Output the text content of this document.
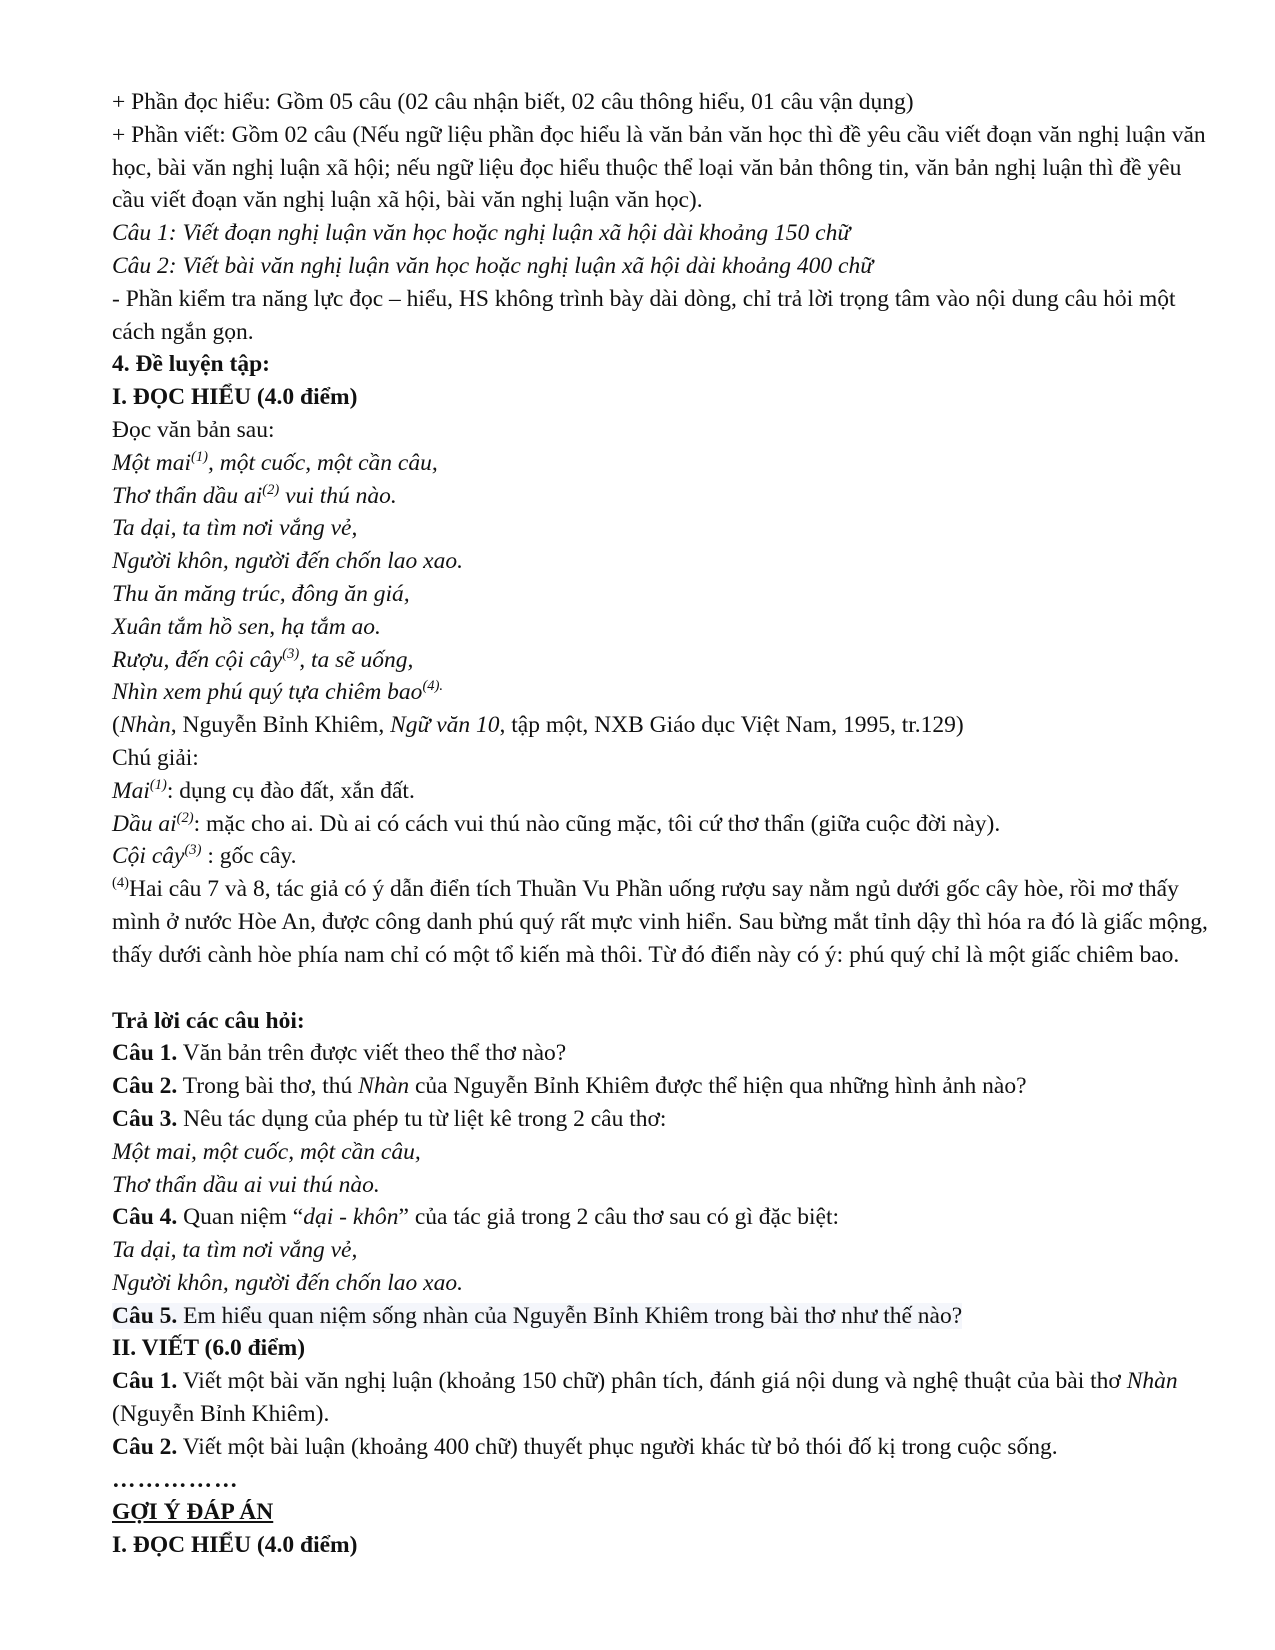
+ Phần đọc hiểu: Gồm 05 câu (02 câu nhận biết, 02 câu thông hiểu, 01 câu vận dụng)
+ Phần viết: Gồm 02 câu (Nếu ngữ liệu phần đọc hiểu là văn bản văn học thì đề yêu cầu viết đoạn văn nghị luận văn học, bài văn nghị luận xã hội; nếu ngữ liệu đọc hiểu thuộc thể loại văn bản thông tin, văn bản nghị luận thì đề yêu cầu viết đoạn văn nghị luận xã hội, bài văn nghị luận văn học).
Câu 1: Viết đoạn nghị luận văn học hoặc nghị luận xã hội dài khoảng 150 chữ
Câu 2: Viết bài văn nghị luận văn học hoặc nghị luận xã hội dài khoảng 400 chữ
- Phần kiểm tra năng lực đọc – hiểu, HS không trình bày dài dòng, chỉ trả lời trọng tâm vào nội dung câu hỏi một cách ngắn gọn.
4. Đề luyện tập:
I. ĐỌC HIỂU (4.0 điểm)
Đọc văn bản sau:
Một mai$^{(1)}$, một cuốc, một cần câu,
Thơ thẩn dầu $ai^{(2)}$ vui thú nào.
Ta dại, ta tìm nơi vắng vẻ,
Người khôn, người đến chốn lao xao.
Thu ăn măng trúc, đông ăn giá,
Xuân tắm hồ sen, hạ tắm ao.
Rượu, đến cội cây$^{(3)}$, ta sẽ uống,
Nhìn xem phú quý tựa chiêm bao$^{(4).}$
(Nhàn, Nguyễn Bỉnh Khiêm, Ngữ văn 10, tập một, NXB Giáo dục Việt Nam, 1995, tr.129)
Chú giải:
Mai$^{(1)}$: dụng cụ đào đất, xắn đất.
Dầu $ai^{(2)}$: mặc cho ai. Dù ai có cách vui thú nào cũng mặc, tôi cứ thơ thẩn (giữa cuộc đời này).
Cội cây$^{(3)}$ : gốc cây.
$^{(4)}$Hai câu 7 và 8, tác giả có ý dẫn điển tích Thuần Vu Phần uống rượu say nằm ngủ dưới gốc cây hòe, rồi mơ thấy mình ở nước Hòe An, được công danh phú quý rất mực vinh hiển. Sau bừng mắt tỉnh dậy thì hóa ra đó là giấc mộng, thấy dưới cành hòe phía nam chỉ có một tổ kiến mà thôi. Từ đó điển này có ý: phú quý chỉ là một giấc chiêm bao.
Trả lời các câu hỏi:
Câu 1. Văn bản trên được viết theo thể thơ nào?
Câu 2. Trong bài thơ, thú Nhàn của Nguyễn Bỉnh Khiêm được thể hiện qua những hình ảnh nào?
Câu 3. Nêu tác dụng của phép tu từ liệt kê trong 2 câu thơ:
Một mai, một cuốc, một cần câu,
Thơ thẩn dầu ai vui thú nào.
Câu 4. Quan niệm “dại - khôn” của tác giả trong 2 câu thơ sau có gì đặc biệt:
Ta dại, ta tìm nơi vắng vẻ,
Người khôn, người đến chốn lao xao.
Câu 5. Em hiểu quan niệm sống nhàn của Nguyễn Bỉnh Khiêm trong bài thơ như thế nào?
II. VIẾT (6.0 điểm)
Câu 1. Viết một bài văn nghị luận (khoảng 150 chữ) phân tích, đánh giá nội dung và nghệ thuật của bài thơ Nhàn (Nguyễn Bỉnh Khiêm).
Câu 2. Viết một bài luận (khoảng 400 chữ) thuyết phục người khác từ bỏ thói đố kị trong cuộc sống.
……………
GỢI Ý ĐÁP ÁN
I. ĐỌC HIỂU (4.0 điểm)
